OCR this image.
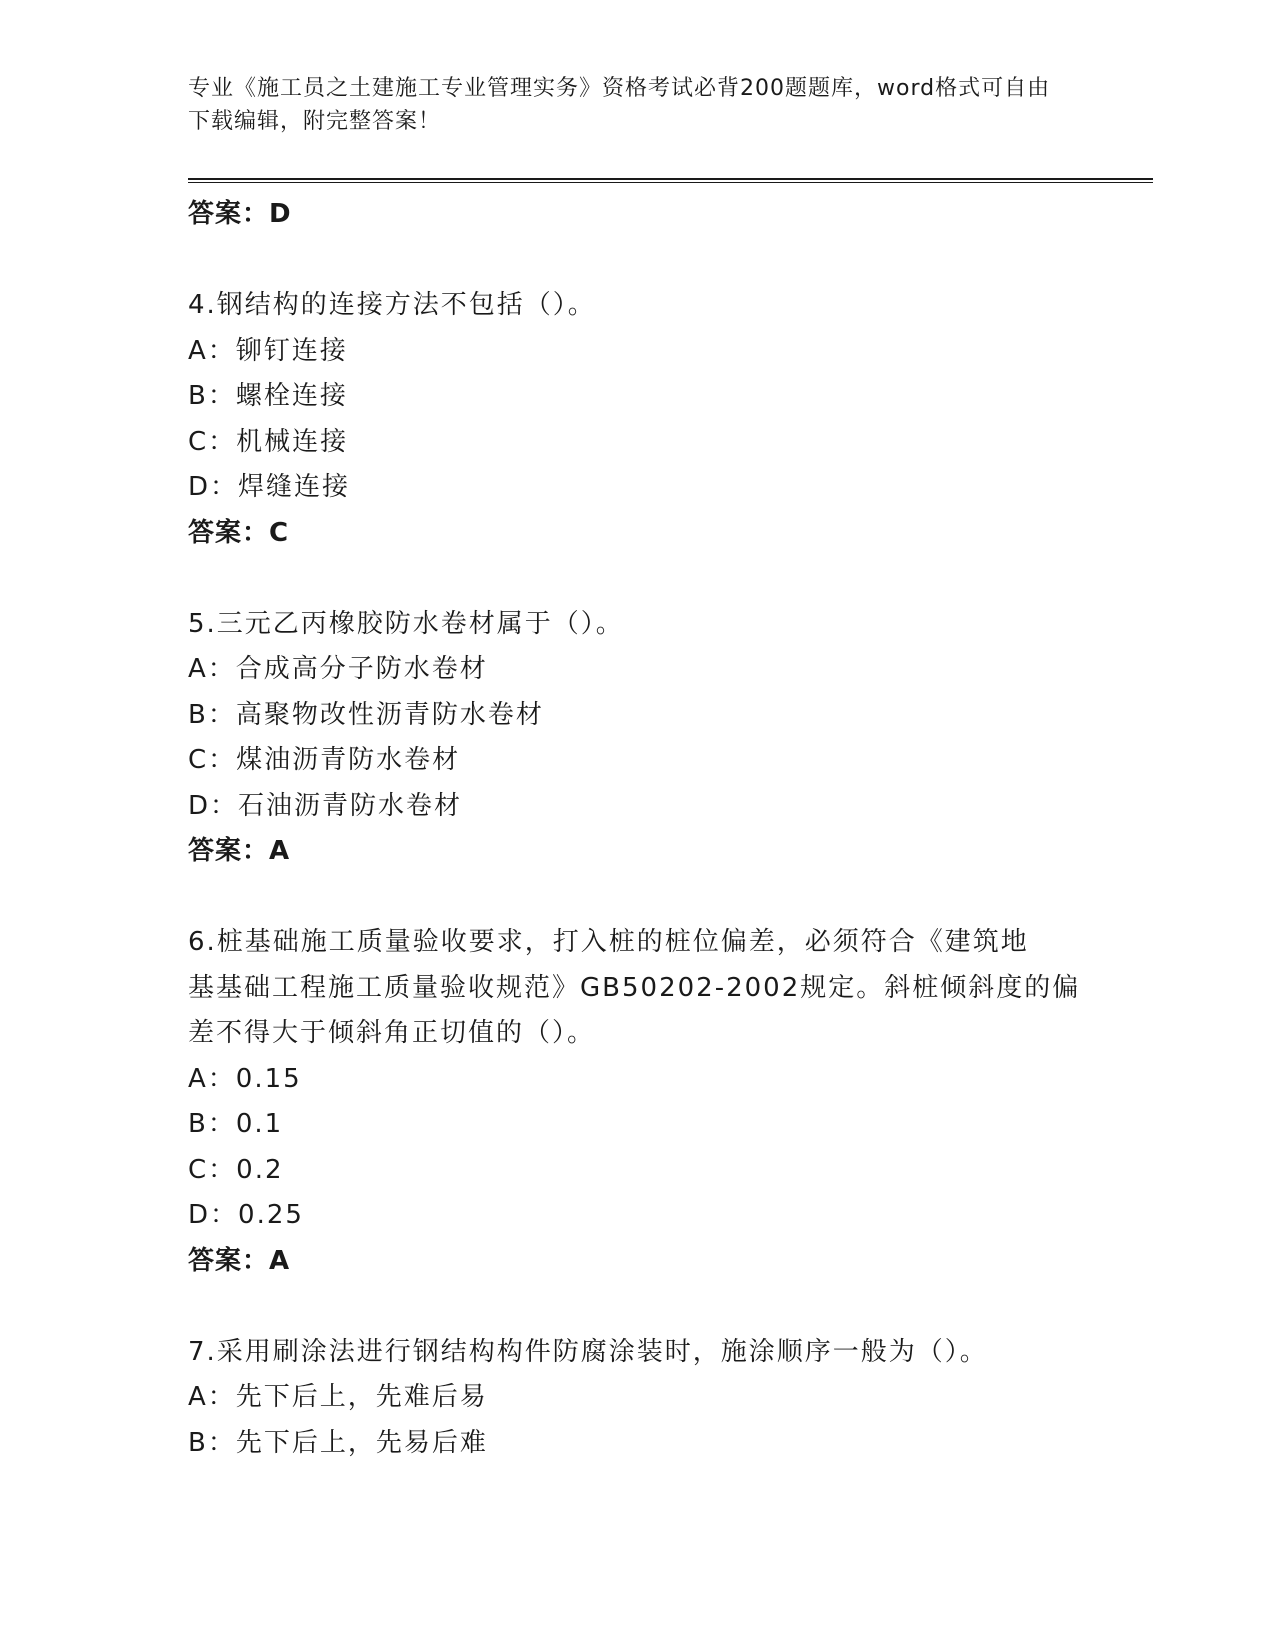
专业《施工员之土建施工专业管理实务》资格考试必背200题题库，word格式可自由下载编辑，附完整答案！

答案：D

4.钢结构的连接方法不包括（）。

A：铆钉连接

B：螺栓连接

C：机械连接

D：焊缝连接

答案：C

5.三元乙丙橡胶防水卷材属于（）。

A：合成高分子防水卷材

B：高聚物改性沥青防水卷材

C：煤油沥青防水卷材

D：石油沥青防水卷材

答案：A

6.桩基础施工质量验收要求，打入桩的桩位偏差，必须符合《建筑地

基基础工程施工质量验收规范》GB50202-2002规定。斜桩倾斜度的偏

差不得大于倾斜角正切值的（）。

A：0.15

B：0.1

C：0.2

D：0.25

答案：A

7.采用刷涂法进行钢结构构件防腐涂装时，施涂顺序一般为（）。

A：先下后上，先难后易

B：先下后上，先易后难
